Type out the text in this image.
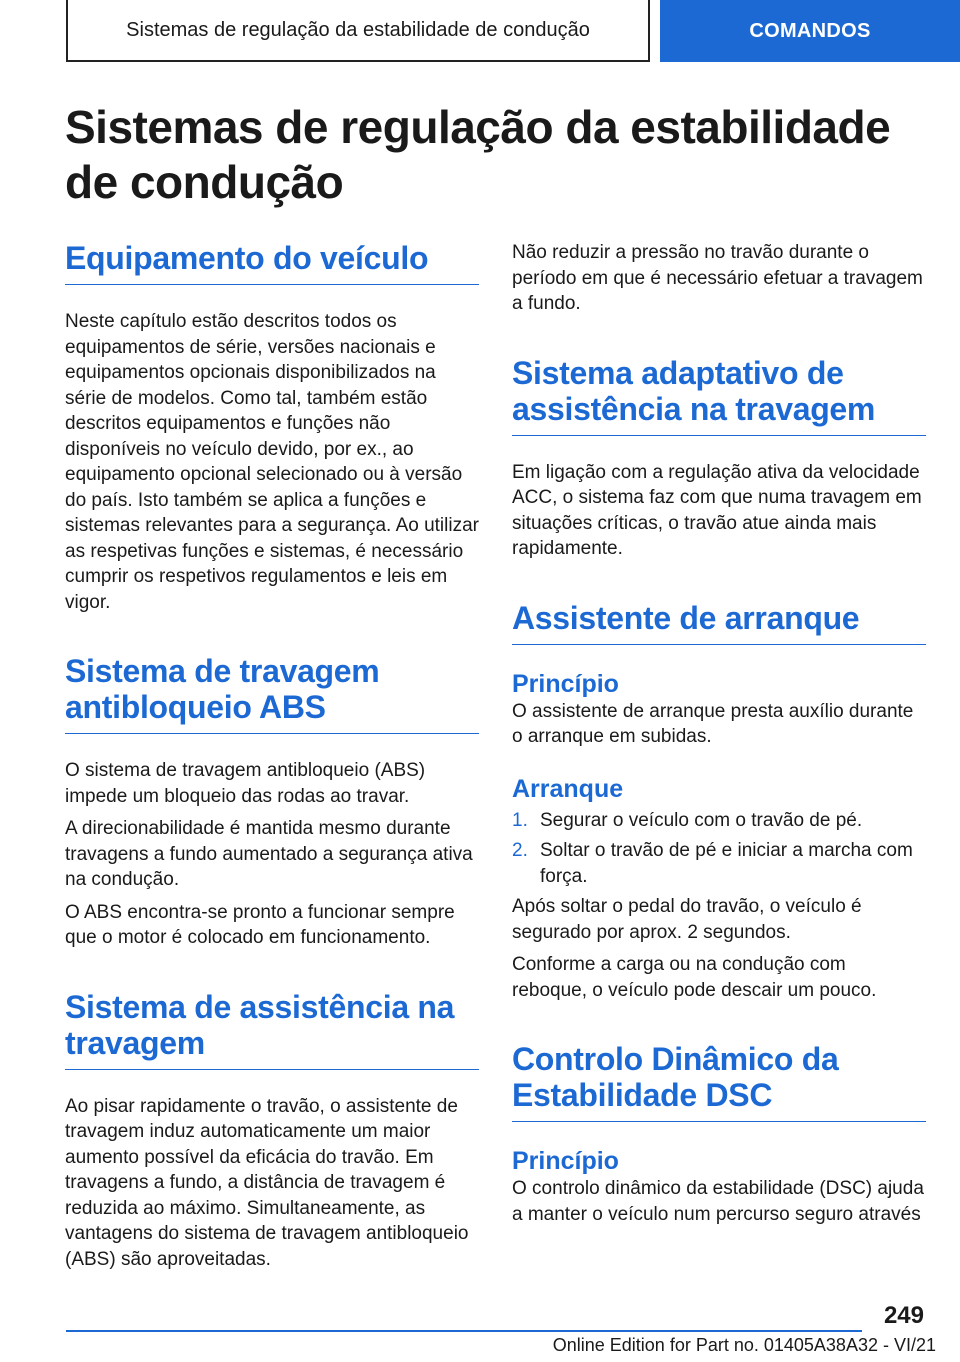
Sistemas de regulação da estabilidade de condução	COMANDOS
Sistemas de regulação da estabilidade de condução
Equipamento do veículo

Neste capítulo estão descritos todos os equipamentos de série, versões nacionais e equipamentos opcionais disponibilizados na série de modelos. Como tal, também estão descritos equipamentos e funções não disponíveis no veículo devido, por ex., ao equipamento opcional selecionado ou à versão do país. Isto também se aplica a funções e sistemas relevantes para a segurança. Ao utilizar as respetivas funções e sistemas, é necessário cumprir os respetivos regulamentos e leis em vigor.

Sistema de travagem antibloqueio ABS

O sistema de travagem antibloqueio (ABS) impede um bloqueio das rodas ao travar.

A direcionabilidade é mantida mesmo durante travagens a fundo aumentado a segurança ativa na condução.

O ABS encontra-se pronto a funcionar sempre que o motor é colocado em funcionamento.

Sistema de assistência na travagem

Ao pisar rapidamente o travão, o assistente de travagem induz automaticamente um maior aumento possível da eficácia do travão. Em travagens a fundo, a distância de travagem é reduzida ao máximo. Simultaneamente, as vantagens do sistema de travagem antibloqueio (ABS) são aproveitadas.

Não reduzir a pressão no travão durante o período em que é necessário efetuar a travagem a fundo.

Sistema adaptativo de assistência na travagem

Em ligação com a regulação ativa da velocidade ACC, o sistema faz com que numa travagem em situações críticas, o travão atue ainda mais rapidamente.

Assistente de arranque
Princípio

O assistente de arranque presta auxílio durante o arranque em subidas.

Arranque
1. Segurar o veículo com o travão de pé.
2. Soltar o travão de pé e iniciar a marcha com força.

Após soltar o pedal do travão, o veículo é segurado por aprox. 2 segundos.

Conforme a carga ou na condução com reboque, o veículo pode descair um pouco.

Controlo Dinâmico da Estabilidade DSC
Princípio

O controlo dinâmico da estabilidade (DSC) ajuda a manter o veículo num percurso seguro através

249
Online Edition for Part no. 01405A38A32 - VI/21
